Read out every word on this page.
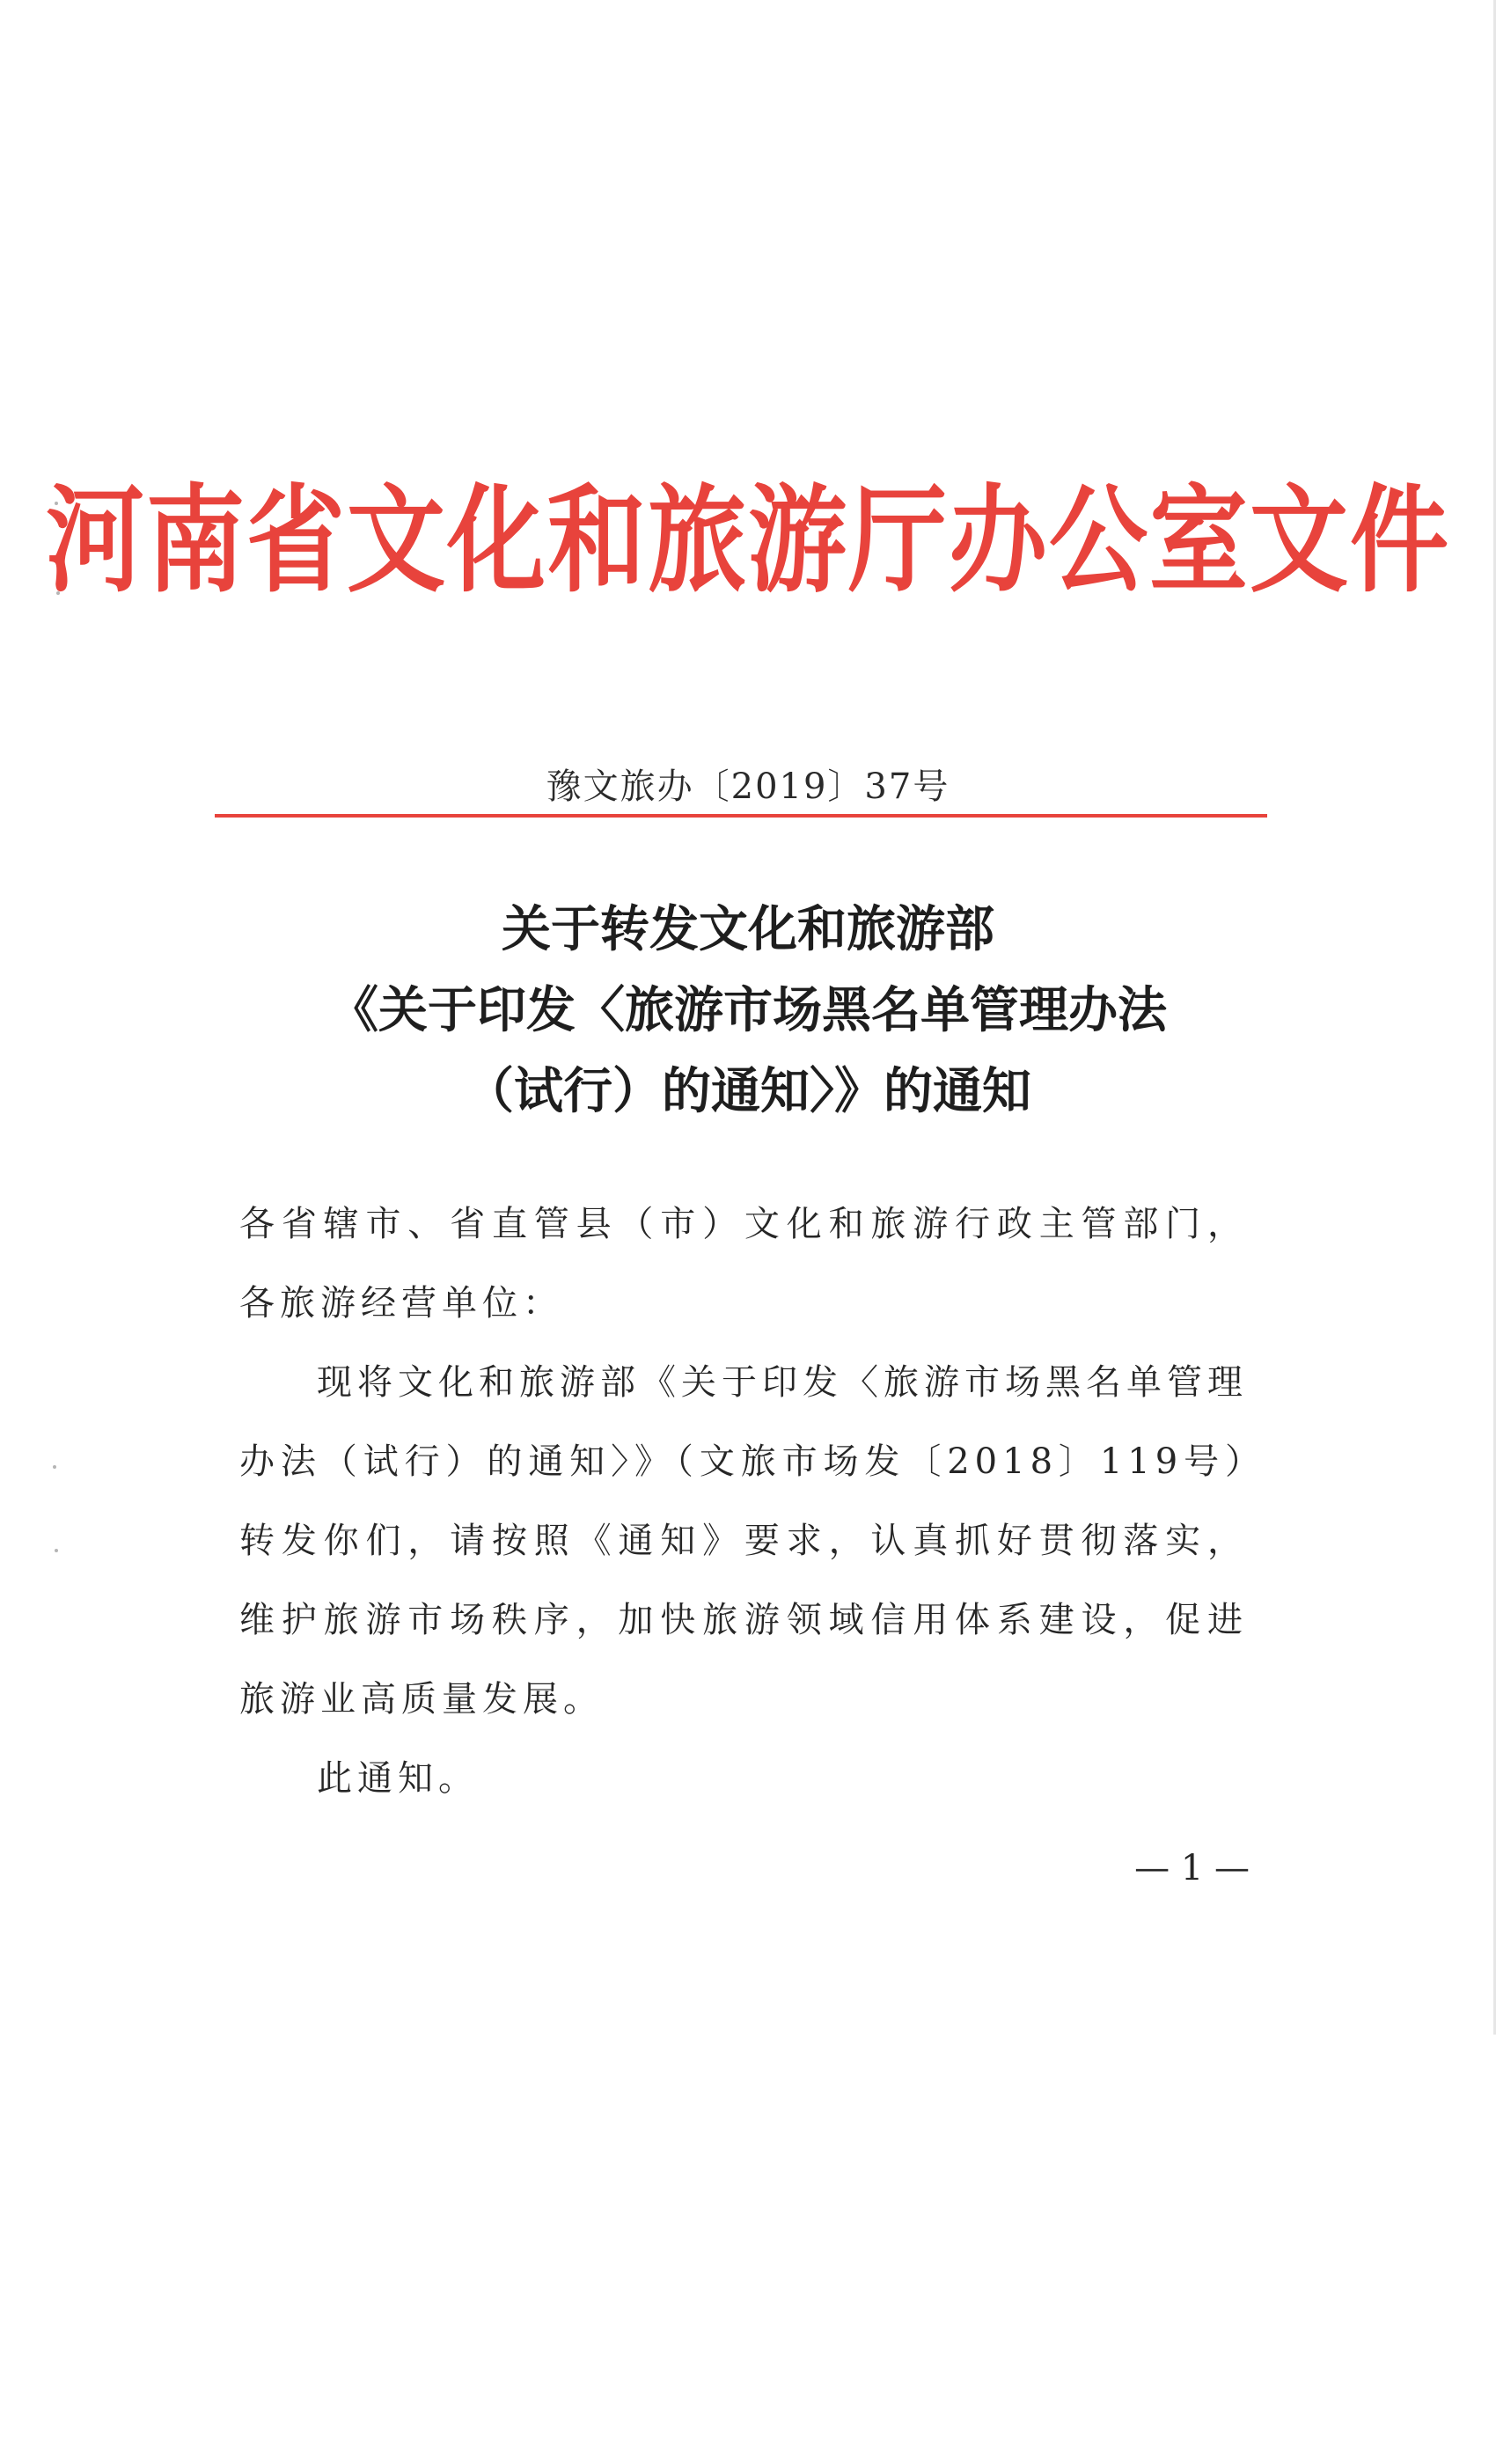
河南省文化和旅游厅办公室文件
豫文旅办〔2019〕37号
关于转发文化和旅游部
《关于印发〈旅游市场黑名单管理办法
（试行）的通知〉》的通知

各省辖市、省直管县（市）文化和旅游行政主管部门，各旅游经营单位：

现将文化和旅游部《关于印发〈旅游市场黑名单管理办法（试行）的通知〉》（文旅市场发〔2018〕119号）转发你们，请按照《通知》要求，认真抓好贯彻落实，维护旅游市场秩序，加快旅游领域信用体系建设，促进旅游业高质量发展。

此通知。

— 1 —
